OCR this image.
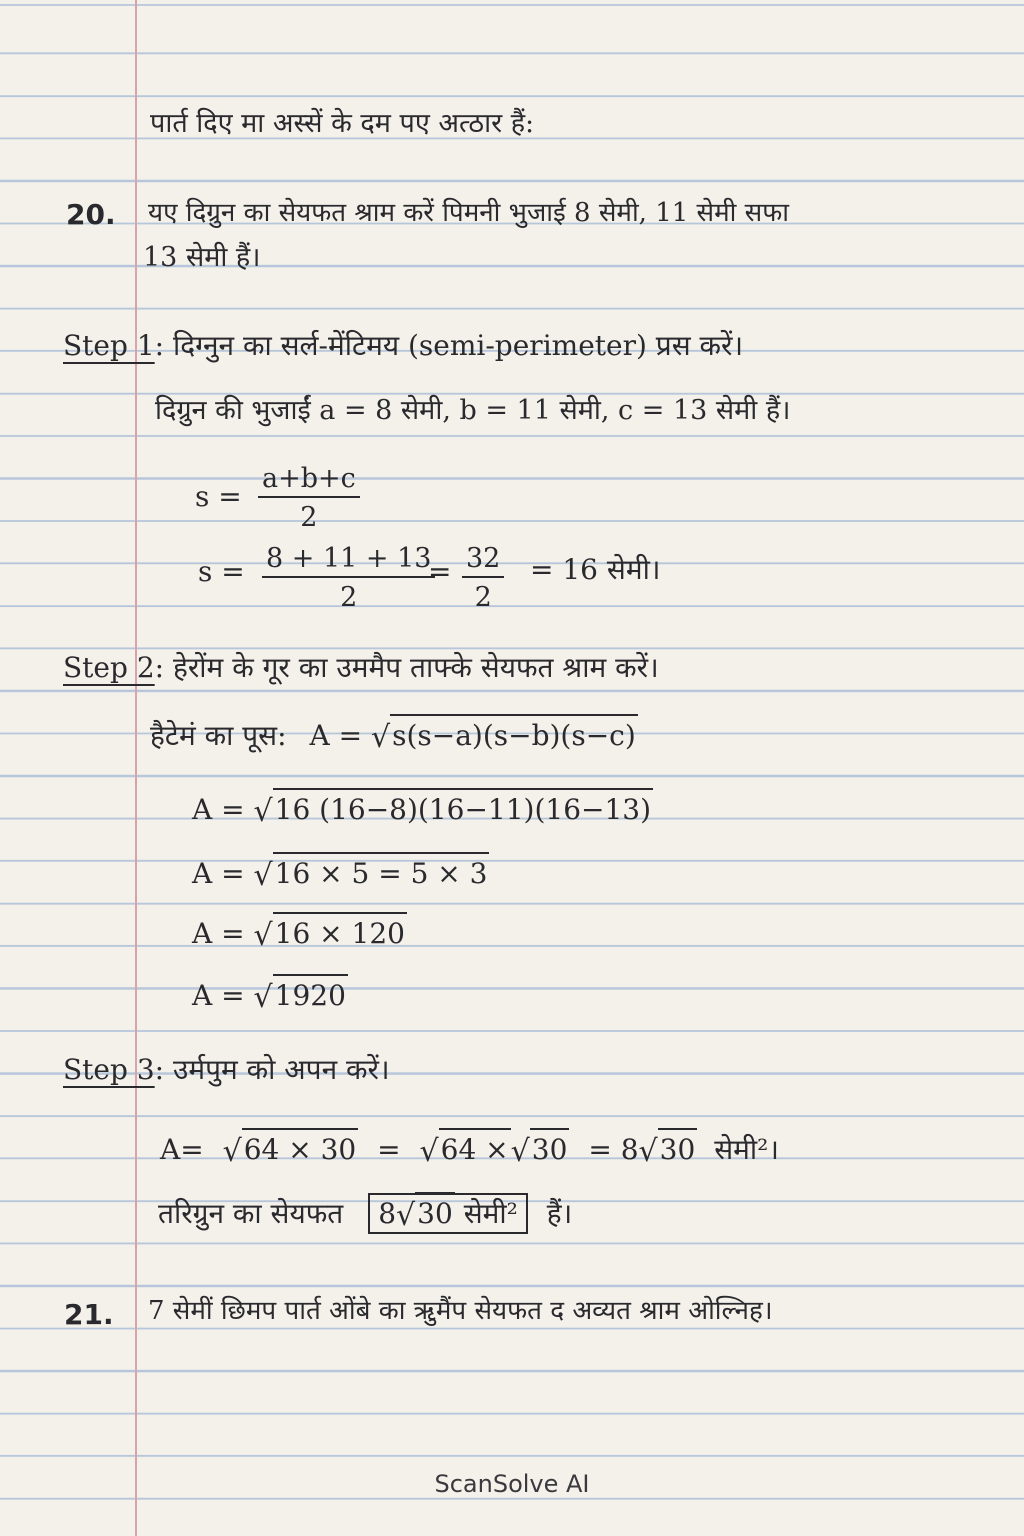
पार्त दिए मा अस्सें के दम पए अत्ठार हैं:
20. यए दिग्रुन का सेयफत श्राम करें पिमनी भुजाई 8 सेमी, 11 सेमी सफा
13 सेमी हैं।
Step 1: दिग्नुन का सर्ल-मेंटिमय (semi-perimeter) प्रस करें।
दिग्रुन की भुजाईं a = 8 सेमी, b = 11 सेमी, c = 13 सेमी हैं।
$s = \frac{a+b+c}{2}$
$s = \frac{8 + 11 + 13}{2}$
= $\frac{32}{2} = 16$ सेमी।
Step 2: हेरोंम के गूर का उममैप ताफ्के सेयफत श्राम करें।
हैटेमं का पूस: A = √s(s−a)(s−b)(s−c)
A = √16 (16−8)(16−11)(16−13)
A = √16 × 5 = 5 × 3
A = √16 × 120
A = √1920
Step 3: उर्मपुम को अपन करें।
A= √64 × 30 = √64 ×√30 = 8√30 सेमी²।
तरिग्रुन का सेयफत 8√30 सेमी² हैं।
21. 7 सेमीं छिमप पार्त ओंबे का ऋुमैंप सेयफत द अव्यत श्राम ओल्निह।
ScanSolve AI
